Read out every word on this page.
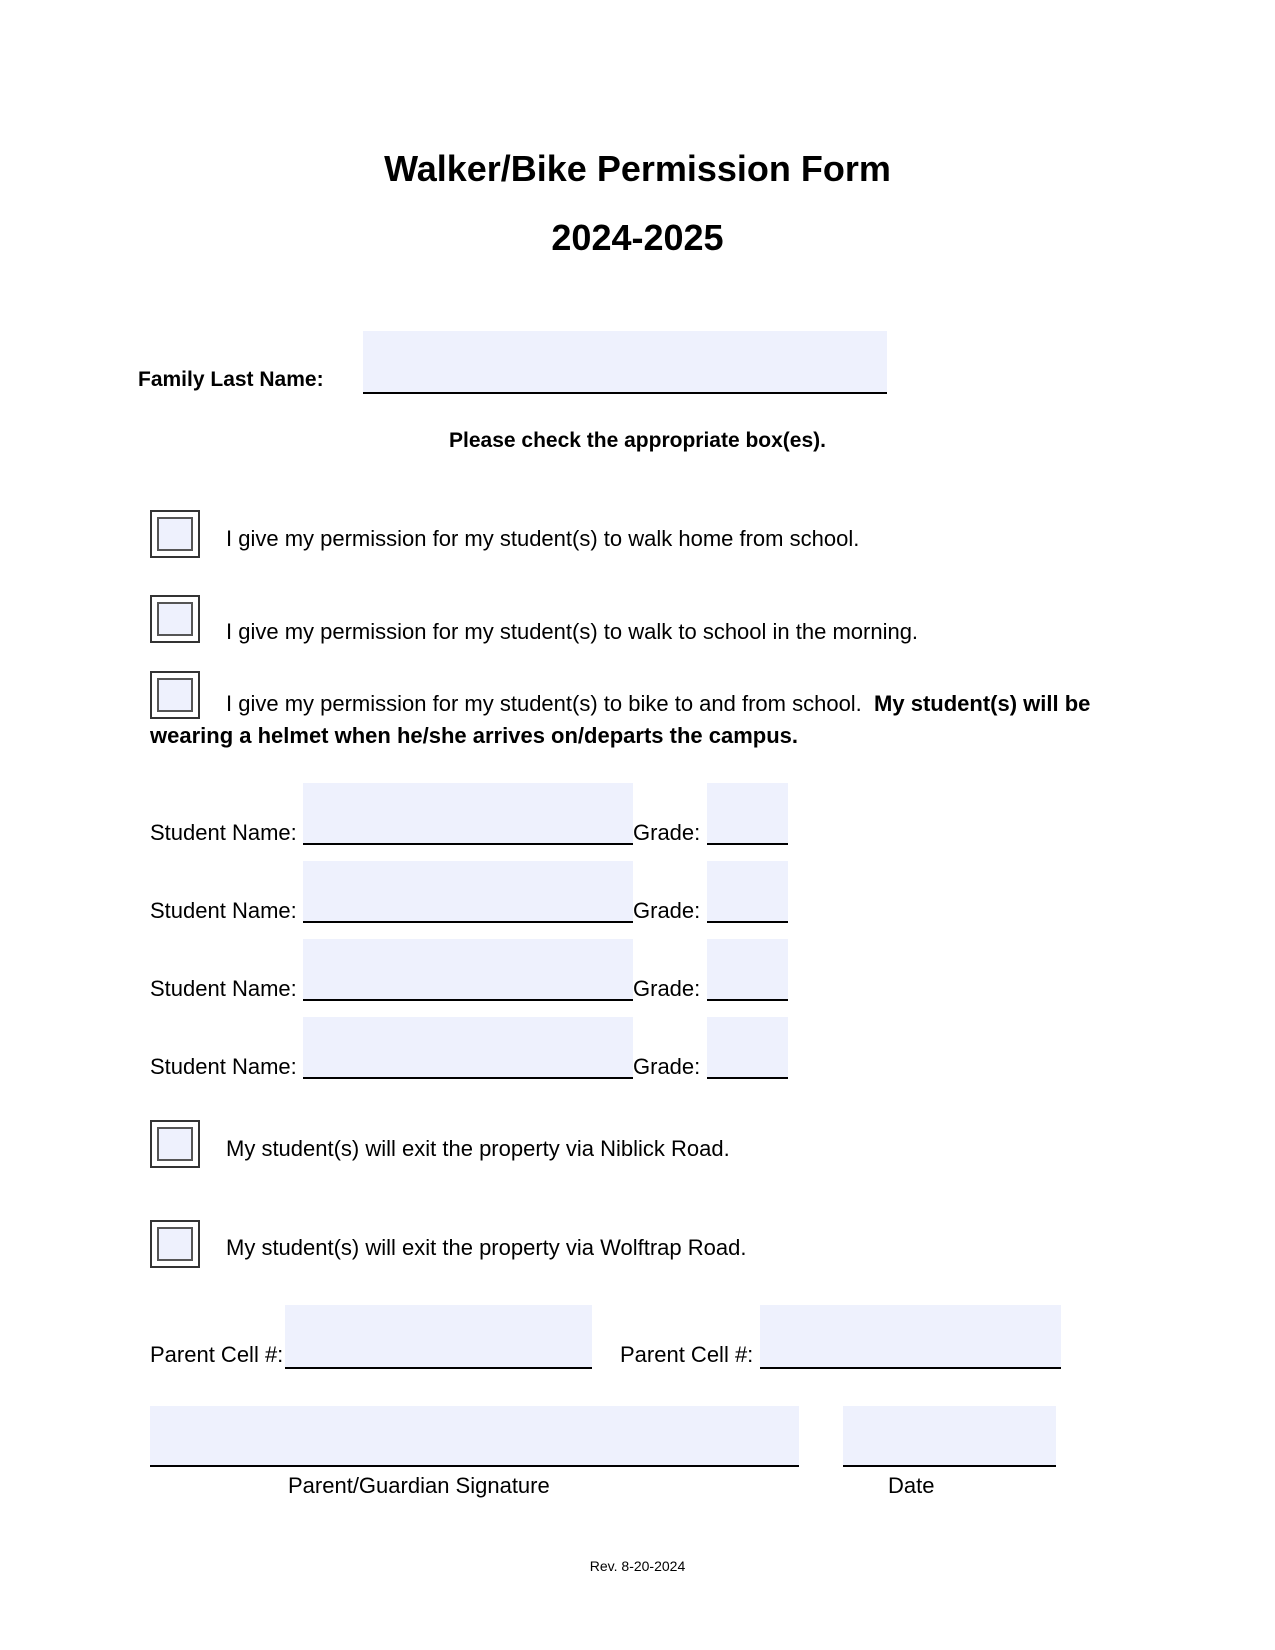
Walker/Bike Permission Form
2024-2025
Family Last Name:
Please check the appropriate box(es).
I give my permission for my student(s) to walk home from school.
I give my permission for my student(s) to walk to school in the morning.
I give my permission for my student(s) to bike to and from school. My student(s) will be wearing a helmet when he/she arrives on/departs the campus.
Student Name:	Grade:
Student Name:	Grade:
Student Name:	Grade:
Student Name:	Grade:
My student(s) will exit the property via Niblick Road.
My student(s) will exit the property via Wolftrap Road.
Parent Cell #:	Parent Cell #:
Parent/Guardian Signature	Date
Rev. 8-20-2024
